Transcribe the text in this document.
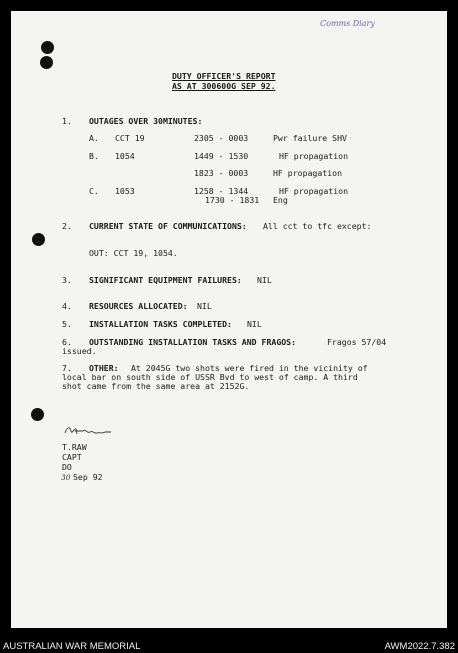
Comms Diary
DUTY OFFICER'S REPORT
AS AT 300600G SEP 92.
1. OUTAGES OVER 30MINUTES:
A. CCT 19	2305 - 0003	Pwr failure SHV
B. 1054	1449 - 1530	HF propagation
1823 - 0003	HF propagation
C. 1053	1258 - 1344	HF propagation
1730 - 1831 Eng
2. CURRENT STATE OF COMMUNICATIONS: All cct to tfc except:
OUT: CCT 19, 1054.
3. SIGNIFICANT EQUIPMENT FAILURES: NIL
4. RESOURCES ALLOCATED: NIL
5. INSTALLATION TASKS COMPLETED: NIL
6. OUTSTANDING INSTALLATION TASKS AND FRAGOS:	Fragos 57/04
issued.
7. OTHER: At 2045G two shots were fired in the vicinity of
local bar on south side of USSR Bvd to west of camp. A third
shot came from the same area at 2152G.
T.RAW
CAPT
DO
30 Sep 92
AUSTRALIAN WAR MEMORIAL	AWM2022.7.382
